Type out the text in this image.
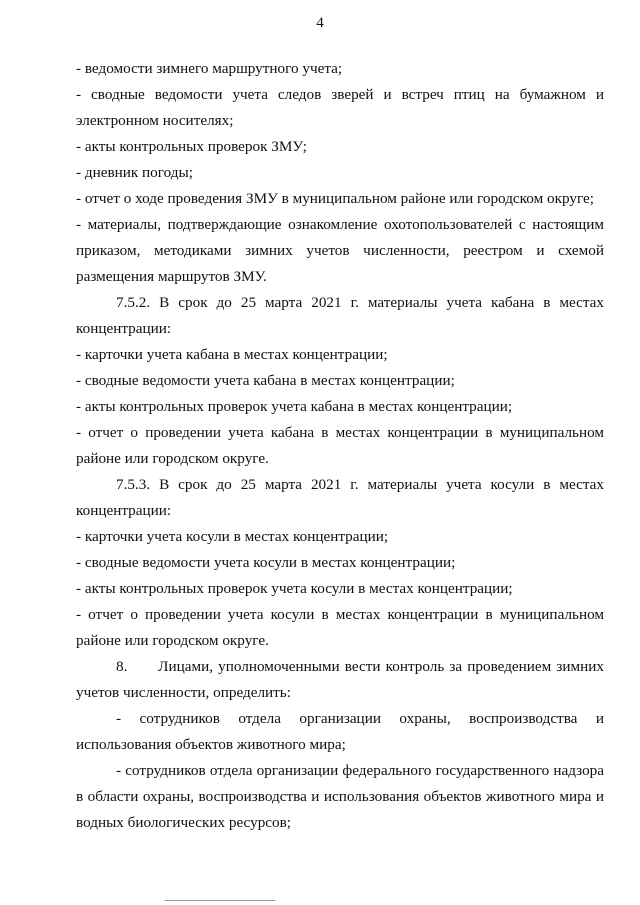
4

- ведомости зимнего маршрутного учета;

- сводные ведомости учета следов зверей и встреч птиц на бумажном и электронном носителях;

- акты контрольных проверок ЗМУ;

- дневник погоды;

- отчет о ходе проведения ЗМУ в муниципальном районе или городском округе;

- материалы, подтверждающие ознакомление охотопользователей с настоящим приказом, методиками зимних учетов численности, реестром и схемой размещения маршрутов ЗМУ.

7.5.2. В срок до 25 марта 2021 г. материалы учета кабана в местах концентрации:

- карточки учета кабана в местах концентрации;

- сводные ведомости учета кабана в местах концентрации;

- акты контрольных проверок учета кабана в местах концентрации;

- отчет о проведении учета кабана в местах концентрации в муниципальном районе или городском округе.

7.5.3. В срок до 25 марта 2021 г. материалы учета косули в местах концентрации:

- карточки учета косули в местах концентрации;

- сводные ведомости учета косули в местах концентрации;

- акты контрольных проверок учета косули в местах концентрации;

- отчет о проведении учета косули в местах концентрации в муниципальном районе или городском округе.

8.      Лицами, уполномоченными вести контроль за проведением зимних учетов численности, определить:

- сотрудников отдела организации охраны, воспроизводства и использования объектов животного мира;

- сотрудников отдела организации федерального государственного надзора в области охраны, воспроизводства и использования объектов животного мира и водных биологических ресурсов;
